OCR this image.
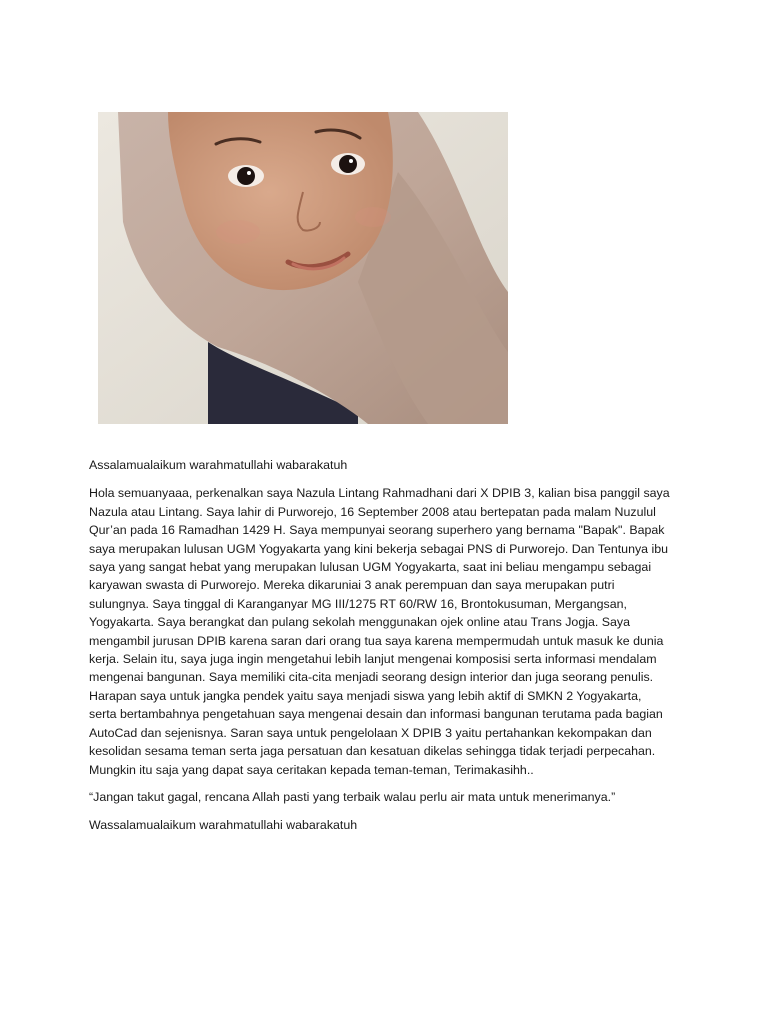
Assalamualaikum warahmatullahi wabarakatuh

Hola semuanyaaa, perkenalkan saya Nazula Lintang Rahmadhani dari X DPIB 3, kalian bisa panggil saya
Nazula atau Lintang. Saya lahir di Purworejo, 16 September 2008 atau bertepatan pada malam Nuzulul
Qur’an pada 16 Ramadhan 1429 H. Saya mempunyai seorang superhero yang bernama "Bapak". Bapak
saya merupakan lulusan UGM Yogyakarta yang kini bekerja sebagai PNS di Purworejo. Dan Tentunya ibu
saya yang sangat hebat yang merupakan lulusan UGM Yogyakarta, saat ini beliau mengampu sebagai
karyawan swasta di Purworejo. Mereka dikaruniai 3 anak perempuan dan saya merupakan putri
sulungnya. Saya tinggal di Karanganyar MG III/1275 RT 60/RW 16, Brontokusuman, Mergangsan,
Yogyakarta. Saya berangkat dan pulang sekolah menggunakan ojek online atau Trans Jogja. Saya
mengambil jurusan DPIB karena saran dari orang tua saya karena mempermudah untuk masuk ke dunia
kerja. Selain itu, saya juga ingin mengetahui lebih lanjut mengenai komposisi serta informasi mendalam
mengenai bangunan. Saya memiliki cita-cita menjadi seorang design interior dan juga seorang penulis.
Harapan saya untuk jangka pendek yaitu saya menjadi siswa yang lebih aktif di SMKN 2 Yogyakarta,
serta bertambahnya pengetahuan saya mengenai desain dan informasi bangunan terutama pada bagian
AutoCad dan sejenisnya. Saran saya untuk pengelolaan X DPIB 3 yaitu pertahankan kekompakan dan
kesolidan sesama teman serta jaga persatuan dan kesatuan dikelas sehingga tidak terjadi perpecahan.
Mungkin itu saja yang dapat saya ceritakan kepada teman-teman, Terimakasihh..

“Jangan takut gagal, rencana Allah pasti yang terbaik walau perlu air mata untuk menerimanya.”

Wassalamualaikum warahmatullahi wabarakatuh
